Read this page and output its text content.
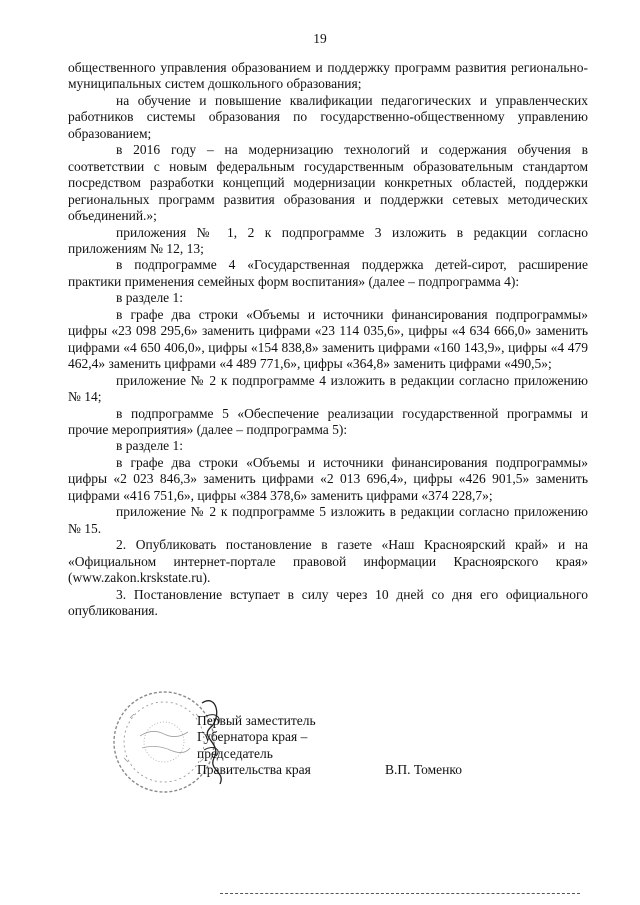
19

общественного управления образованием и поддержку программ развития регионально-муниципальных систем дошкольного образования;

на обучение и повышение квалификации педагогических и управленческих работников системы образования по государственно-общественному управлению образованием;

в 2016 году – на модернизацию технологий и содержания обучения в соответствии с новым федеральным государственным образовательным стандартом посредством разработки концепций модернизации конкретных областей, поддержки региональных программ развития образования и поддержки сетевых методических объединений.»;

приложения № 1, 2 к подпрограмме 3 изложить в редакции согласно приложениям № 12, 13;

в подпрограмме 4 «Государственная поддержка детей-сирот, расширение практики применения семейных форм воспитания» (далее – подпрограмма 4):

в разделе 1:

в графе два строки «Объемы и источники финансирования подпрограммы» цифры «23 098 295,6» заменить цифрами «23 114 035,6», цифры «4 634 666,0» заменить цифрами «4 650 406,0», цифры «154 838,8» заменить цифрами «160 143,9», цифры «4 479 462,4» заменить цифрами «4 489 771,6», цифры «364,8» заменить цифрами «490,5»;

приложение № 2 к подпрограмме 4 изложить в редакции согласно приложению № 14;

в подпрограмме 5 «Обеспечение реализации государственной программы и прочие мероприятия» (далее – подпрограмма 5):

в разделе 1:

в графе два строки «Объемы и источники финансирования подпрограммы» цифры «2 023 846,3» заменить цифрами «2 013 696,4», цифры «426 901,5» заменить цифрами «416 751,6», цифры «384 378,6» заменить цифрами «374 228,7»;

приложение № 2 к подпрограмме 5 изложить в редакции согласно приложению № 15.

2. Опубликовать постановление в газете «Наш Красноярский край» и на «Официальном интернет-портале правовой информации Красноярского края» (www.zakon.krskstate.ru).

3. Постановление вступает в силу через 10 дней со дня его официального опубликования.

Первый заместитель
Губернатора края –
председатель
Правительства края	В.П. Томенко
